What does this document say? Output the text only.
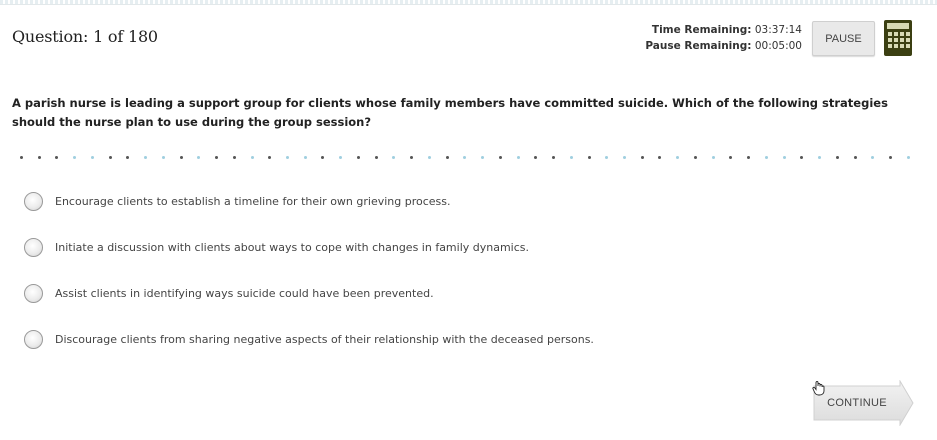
Question: 1 of 180	Time Remaining: 03:37:14
Pause Remaining: 00:05:00
PAUSE
A parish nurse is leading a support group for clients whose family members have committed suicide. Which of the following strategies should the nurse plan to use during the group session?
Encourage clients to establish a timeline for their own grieving process.
Initiate a discussion with clients about ways to cope with changes in family dynamics.
Assist clients in identifying ways suicide could have been prevented.
Discourage clients from sharing negative aspects of their relationship with the deceased persons.
CONTINUE
